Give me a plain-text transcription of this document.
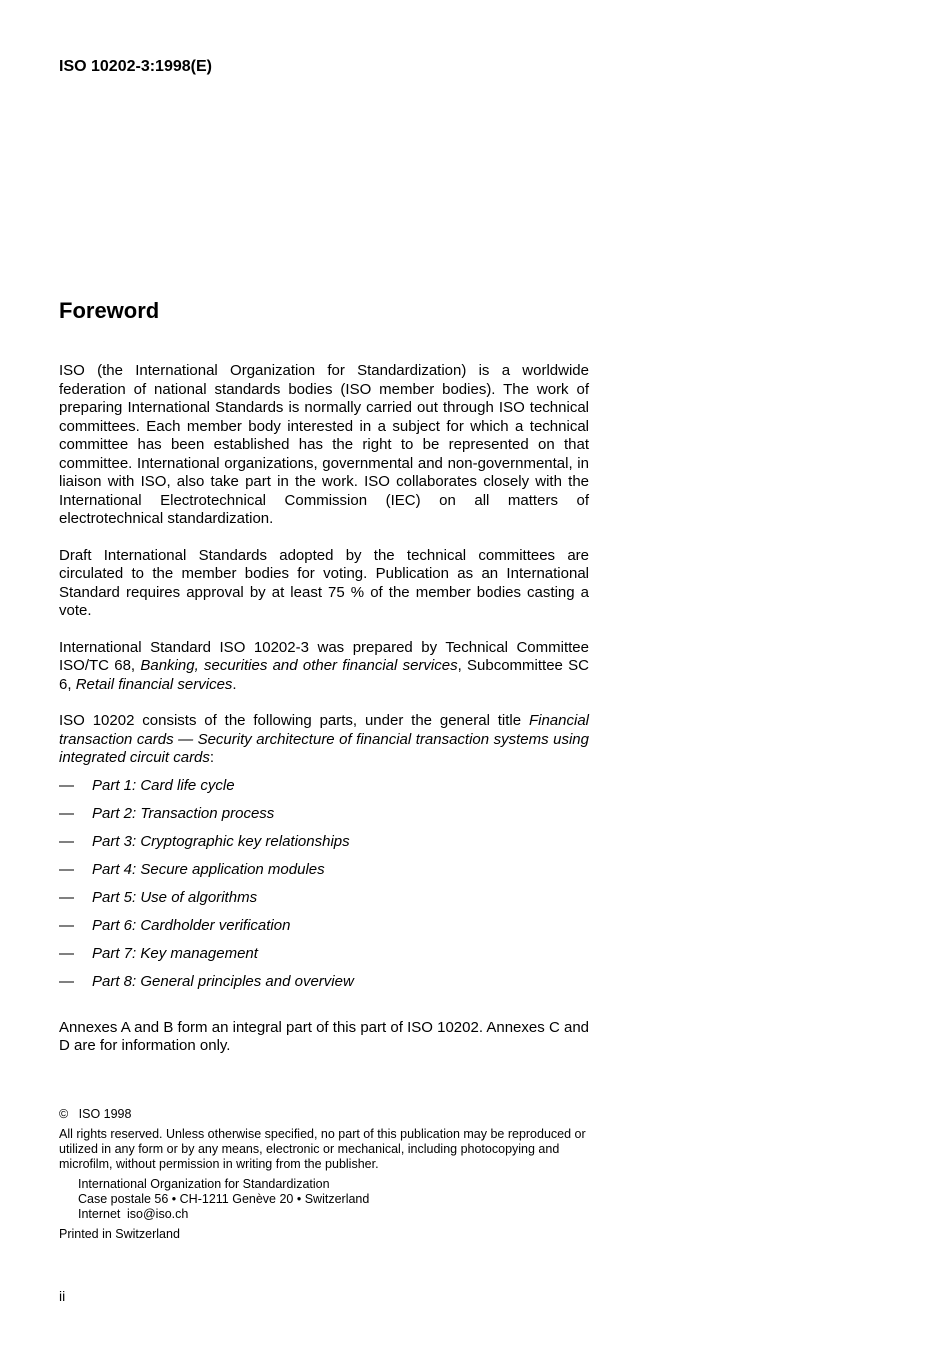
ISO 10202-3:1998(E)
Foreword

ISO (the International Organization for Standardization) is a worldwide federation of national standards bodies (ISO member bodies). The work of preparing International Standards is normally carried out through ISO technical committees. Each member body interested in a subject for which a technical committee has been established has the right to be represented on that committee. International organizations, governmental and non-governmental, in liaison with ISO, also take part in the work. ISO collaborates closely with the International Electrotechnical Commission (IEC) on all matters of electrotechnical standardization.

Draft International Standards adopted by the technical committees are circulated to the member bodies for voting. Publication as an International Standard requires approval by at least 75 % of the member bodies casting a vote.

International Standard ISO 10202-3 was prepared by Technical Committee ISO/TC 68, Banking, securities and other financial services, Subcommittee SC 6, Retail financial services.

ISO 10202 consists of the following parts, under the general title Financial transaction cards — Security architecture of financial transaction systems using integrated circuit cards:

—	Part 1: Card life cycle
—	Part 2: Transaction process
—	Part 3: Cryptographic key relationships
—	Part 4: Secure application modules
—	Part 5: Use of algorithms
—	Part 6: Cardholder verification
—	Part 7: Key management
—	Part 8: General principles and overview

Annexes A and B form an integral part of this part of ISO 10202. Annexes C and D are for information only.

© ISO 1998

All rights reserved. Unless otherwise specified, no part of this publication may be reproduced or utilized in any form or by any means, electronic or mechanical, including photocopying and microfilm, without permission in writing from the publisher.

International Organization for Standardization
Case postale 56 • CH-1211 Genève 20 • Switzerland
Internet iso@iso.ch

Printed in Switzerland

ii
